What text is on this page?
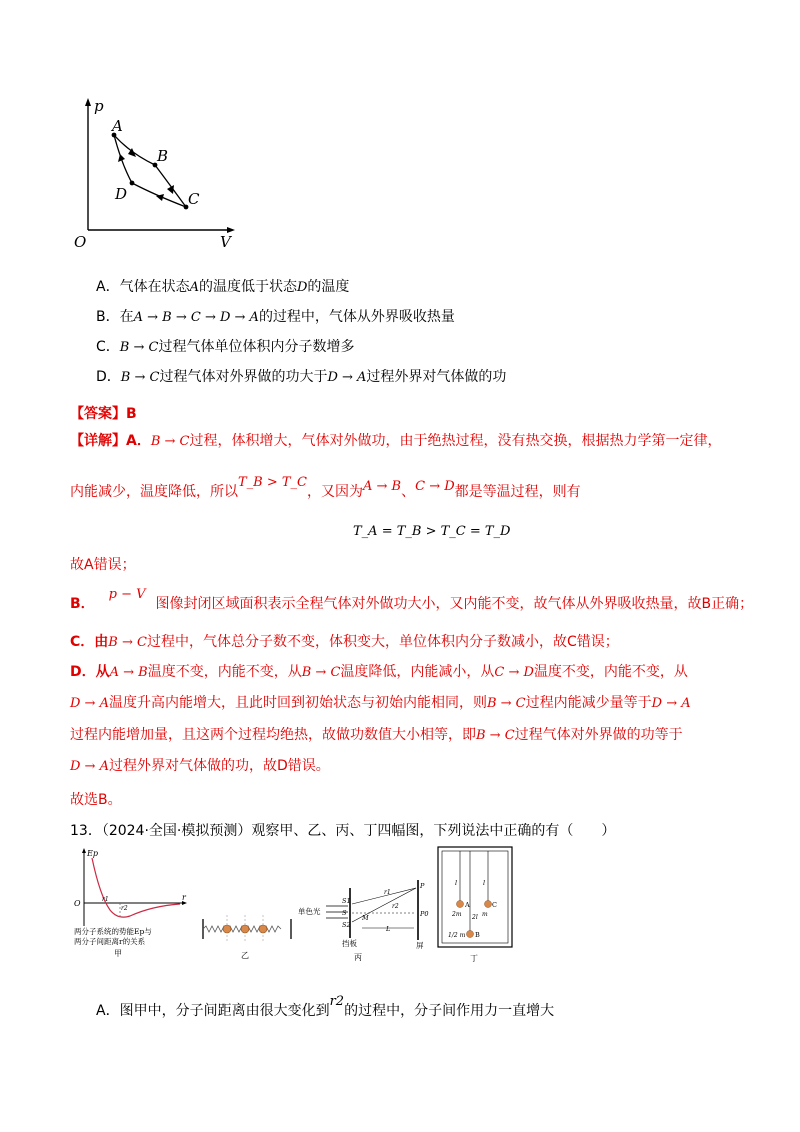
p
V
O
A
B
C
D
A．气体在状态A的温度低于状态D的温度
B．在A → B → C → D → A的过程中，气体从外界吸收热量
C．B → C过程气体单位体积内分子数增多
D．B → C过程气体对外界做的功大于D → A过程外界对气体做的功
【答案】B
【详解】A．B → C过程，体积增大，气体对外做功，由于绝热过程，没有热交换，根据热力学第一定律，
内能减少，温度降低，所以T_B > T_C，又因为A → B、C → D都是等温过程，则有
T_A = T_B > T_C = T_D
故A错误；
B．p − V图像封闭区域面积表示全程气体对外做功大小，又内能不变，故气体从外界吸收热量，故B正确；
C．由B → C过程中，气体总分子数不变，体积变大，单位体积内分子数减小，故C错误；
D．从A → B温度不变，内能不变，从B → C温度降低，内能减小，从C → D温度不变，内能不变，从
D → A温度升高内能增大，且此时回到初始状态与初始内能相同，则B → C过程内能减少量等于D → A
过程内能增加量，且这两个过程均绝热，故做功数值大小相等，即B → C过程气体对外界做的功等于
D → A过程外界对气体做的功，故D错误。
故选B。
13．（2024·全国·模拟预测）观察甲、乙、丙、丁四幅图，下列说法中正确的有（　　）
Ep
O
r
r1
r2
两分子系统的势能Ep与
两分子间距离r的关系
甲	乙
单色光
S1
S
S2
M
r1
r2
P
P0
L
挡板	屏
丙
l	l
A	C
B
2m 2l m
1/2 m
丁
A．图甲中，分子间距离由很大变化到r2的过程中，分子间作用力一直增大
